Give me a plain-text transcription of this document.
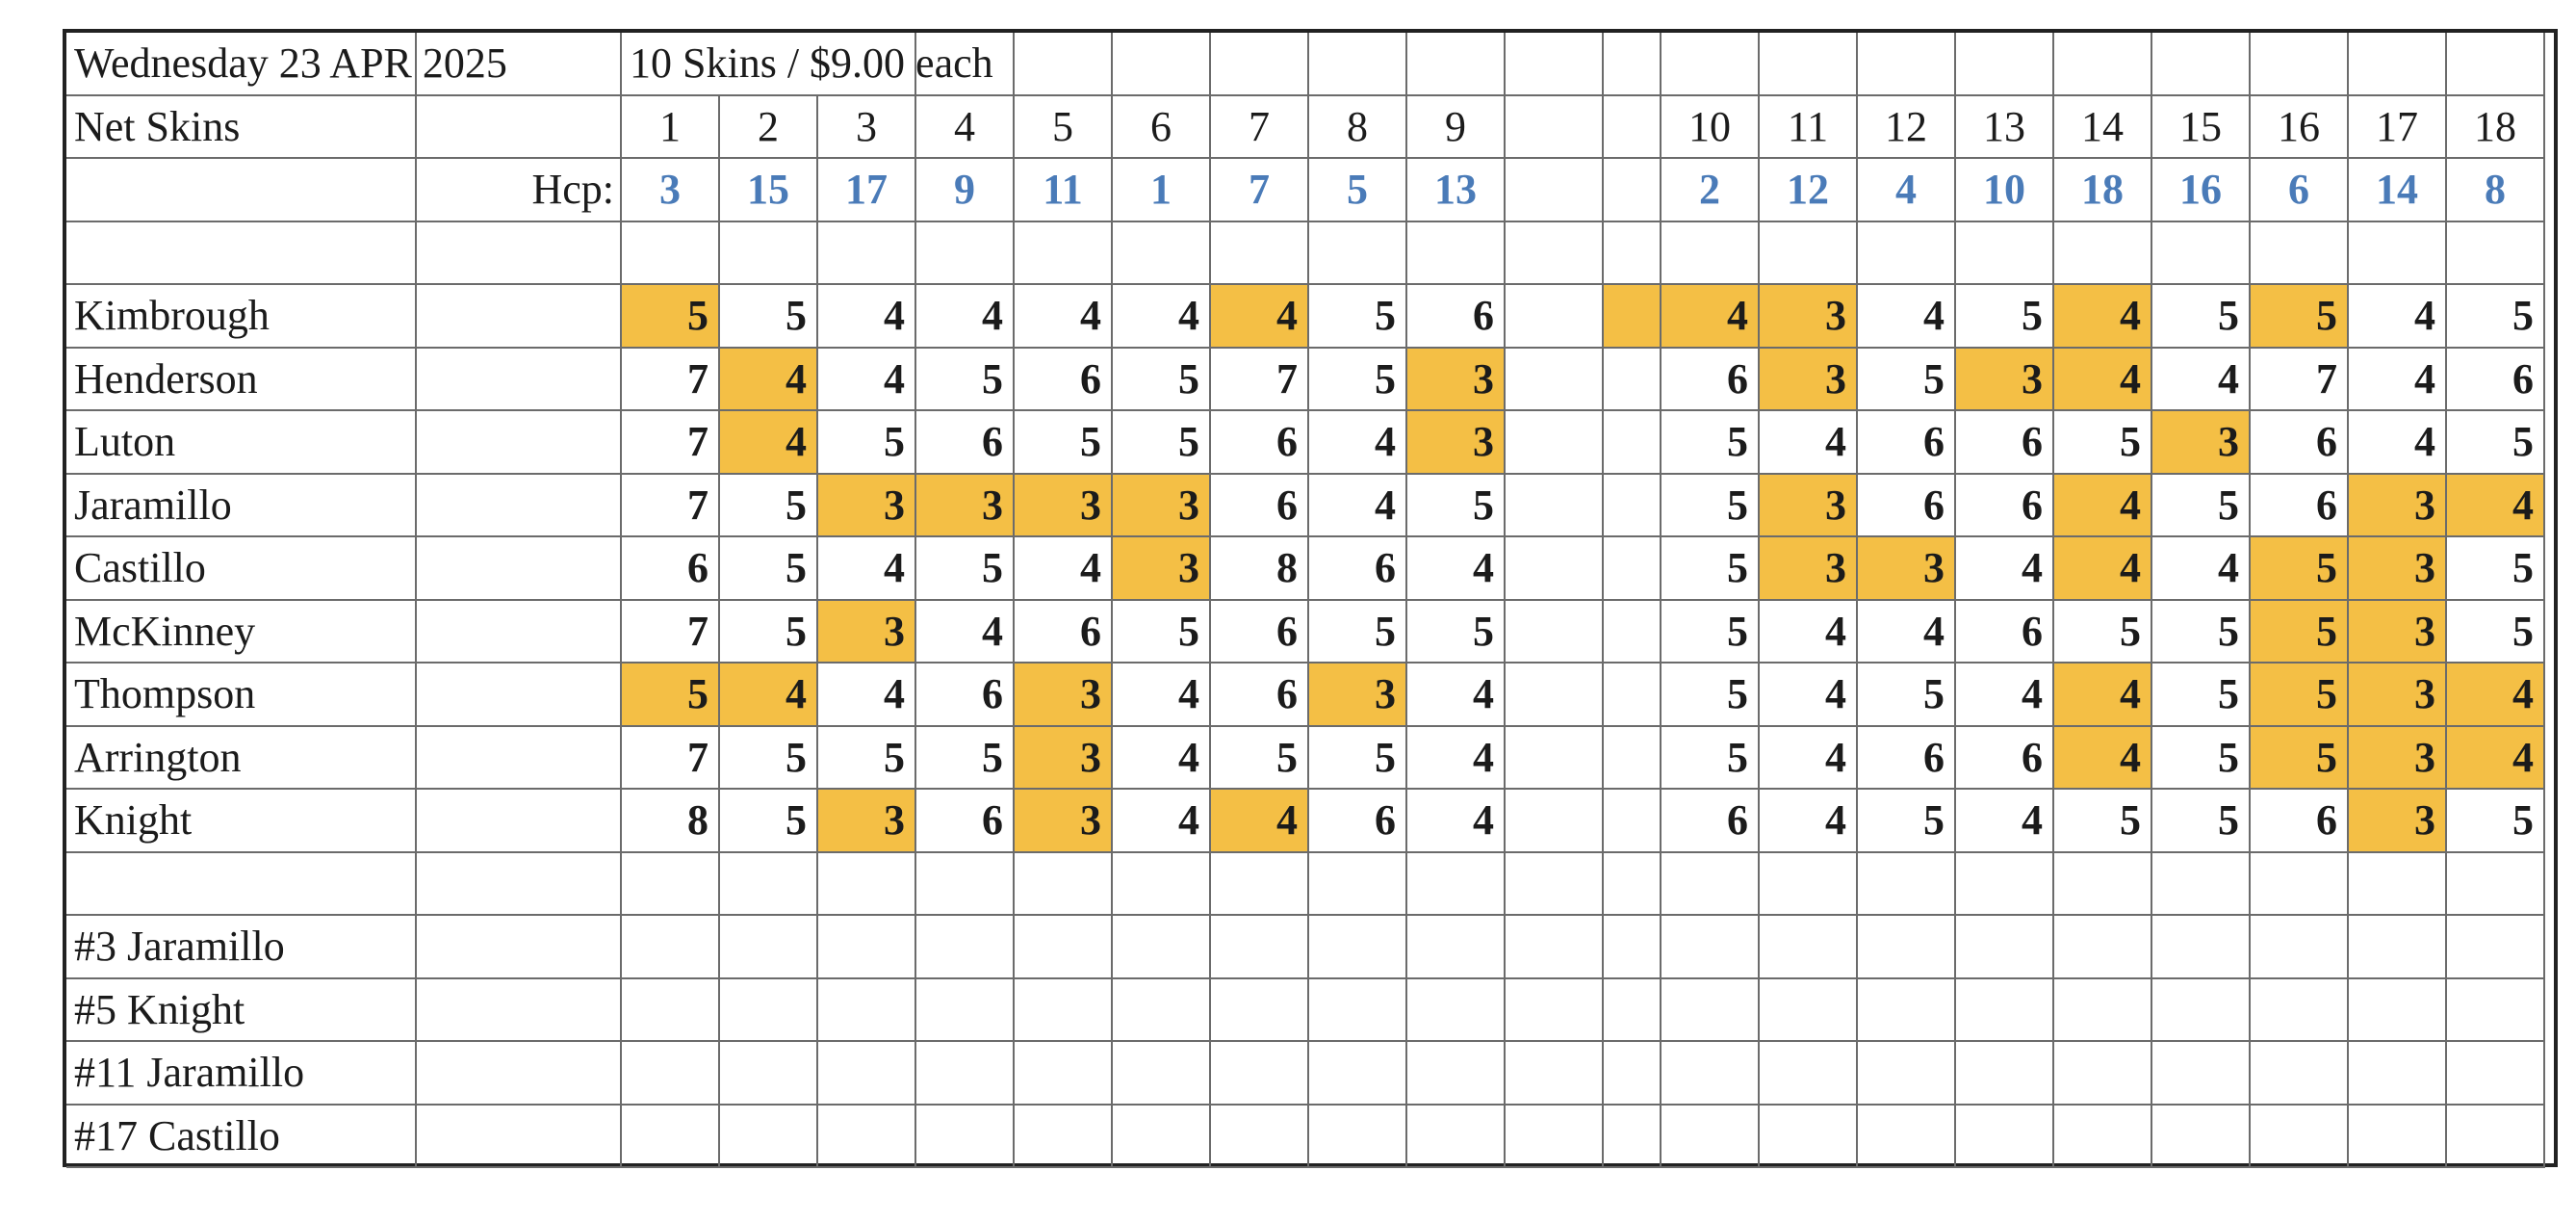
Wednesday 23 APR 2025	10 Skins / $9.00 each
Net Skins	1	2	3	4	5	6	7	8	9	10	11	12	13	14	15	16	17	18
Hcp:	3	15	17	9	11	1	7	5	13	2	12	4	10	18	16	6	14	8
Kimbrough	5	5	4	4	4	4	4	5	6	4	3	4	5	4	5	5	4	5
Henderson	7	4	4	5	6	5	7	5	3	6	3	5	3	4	4	7	4	6
Luton	7	4	5	6	5	5	6	4	3	5	4	6	6	5	3	6	4	5
Jaramillo	7	5	3	3	3	3	6	4	5	5	3	6	6	4	5	6	3	4
Castillo	6	5	4	5	4	3	8	6	4	5	3	3	4	4	4	5	3	5
McKinney	7	5	3	4	6	5	6	5	5	5	4	4	6	5	5	5	3	5
Thompson	5	4	4	6	3	4	6	3	4	5	4	5	4	4	5	5	3	4
Arrington	7	5	5	5	3	4	5	5	4	5	4	6	6	4	5	5	3	4
Knight	8	5	3	6	3	4	4	6	4	6	4	5	4	5	5	6	3	5
#3 Jaramillo
#5 Knight
#11 Jaramillo
#17 Castillo
